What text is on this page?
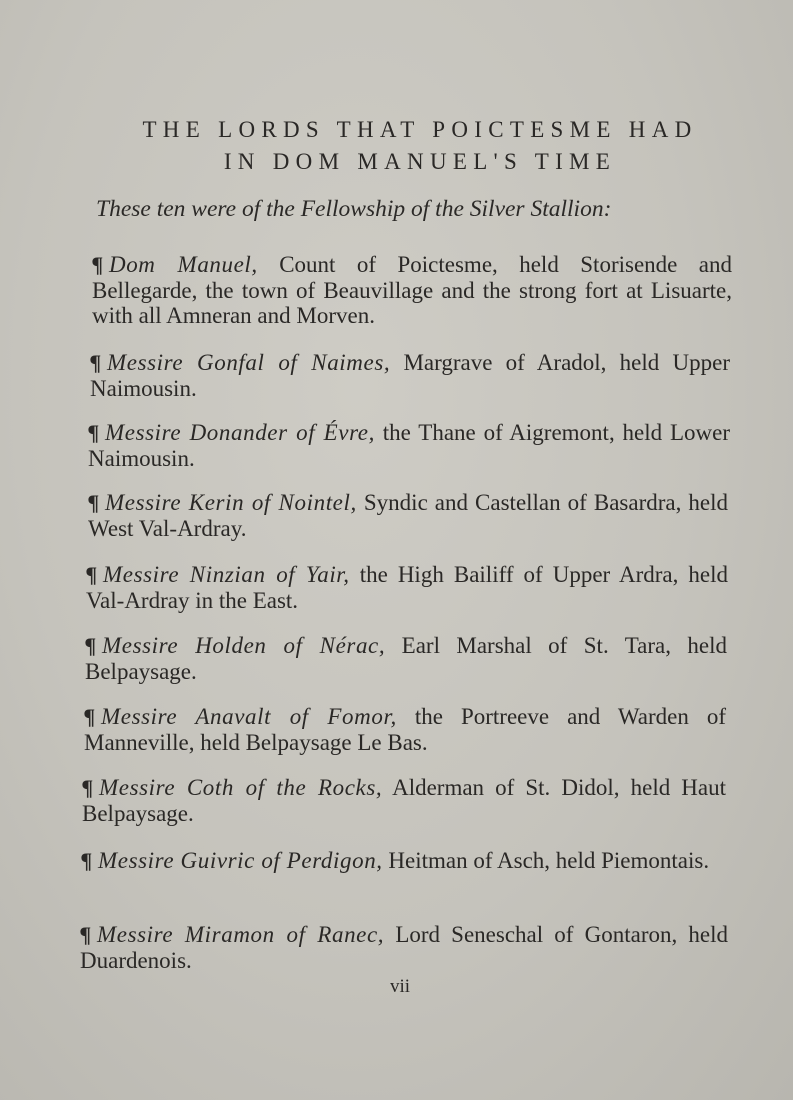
THE LORDS THAT POICTESME HAD
IN DOM MANUEL'S TIME

These ten were of the Fellowship of the Silver Stallion:

¶ Dom Manuel, Count of Poictesme, held Storisende and Bellegarde, the town of Beauvillage and the strong fort at Lisuarte, with all Amneran and Morven.

¶ Messire Gonfal of Naimes, Margrave of Aradol, held Upper Naimousin.

¶ Messire Donander of Évre, the Thane of Aigremont, held Lower Naimousin.

¶ Messire Kerin of Nointel, Syndic and Castellan of Basardra, held West Val-Ardray.

¶ Messire Ninzian of Yair, the High Bailiff of Upper Ardra, held Val-Ardray in the East.

¶ Messire Holden of Nérac, Earl Marshal of St. Tara, held Belpaysage.

¶ Messire Anavalt of Fomor, the Portreeve and Warden of Manneville, held Belpaysage Le Bas.

¶ Messire Coth of the Rocks, Alderman of St. Didol, held Haut Belpaysage.

¶ Messire Guivric of Perdigon, Heitman of Asch, held Piemontais.

¶ Messire Miramon of Ranec, Lord Seneschal of Gontaron, held Duardenois.

vii
